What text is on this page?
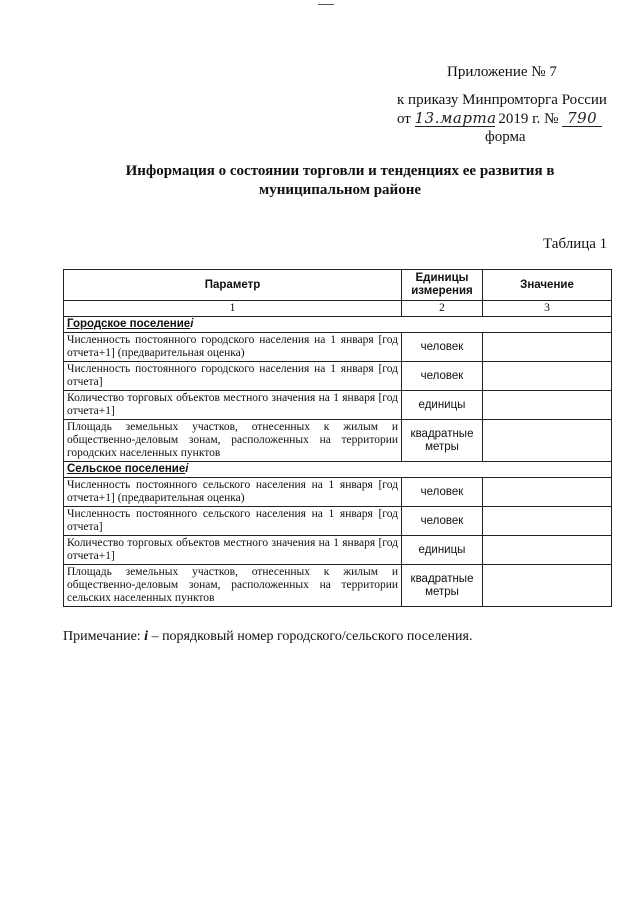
Приложение № 7
к приказу Минпромторга России
от 13.марта 2019 г. № 790
форма
Информация о состоянии торговли и тенденциях ее развития в муниципальном районе
Таблица 1
Параметр	Единицы измерения	Значение
1	2	3
Городское поселениеi		
Численность постоянного городского населения на 1 января [год отчета+1] (предварительная оценка)	человек	
Численность постоянного городского населения на 1 января [год отчета]	человек	
Количество торговых объектов местного значения на 1 января [год отчета+1]	единицы	
Площадь земельных участков, отнесенных к жилым и общественно-деловым зонам, расположенных на территории городских населенных пунктов	квадратные метры	
Сельское поселениеi		
Численность постоянного сельского населения на 1 января [год отчета+1] (предварительная оценка)	человек	
Численность постоянного сельского населения на 1 января [год отчета]	человек	
Количество торговых объектов местного значения на 1 января [год отчета+1]	единицы	
Площадь земельных участков, отнесенных к жилым и общественно-деловым зонам, расположенных на территории сельских населенных пунктов	квадратные метры	
Примечание: i – порядковый номер городского/сельского поселения.
